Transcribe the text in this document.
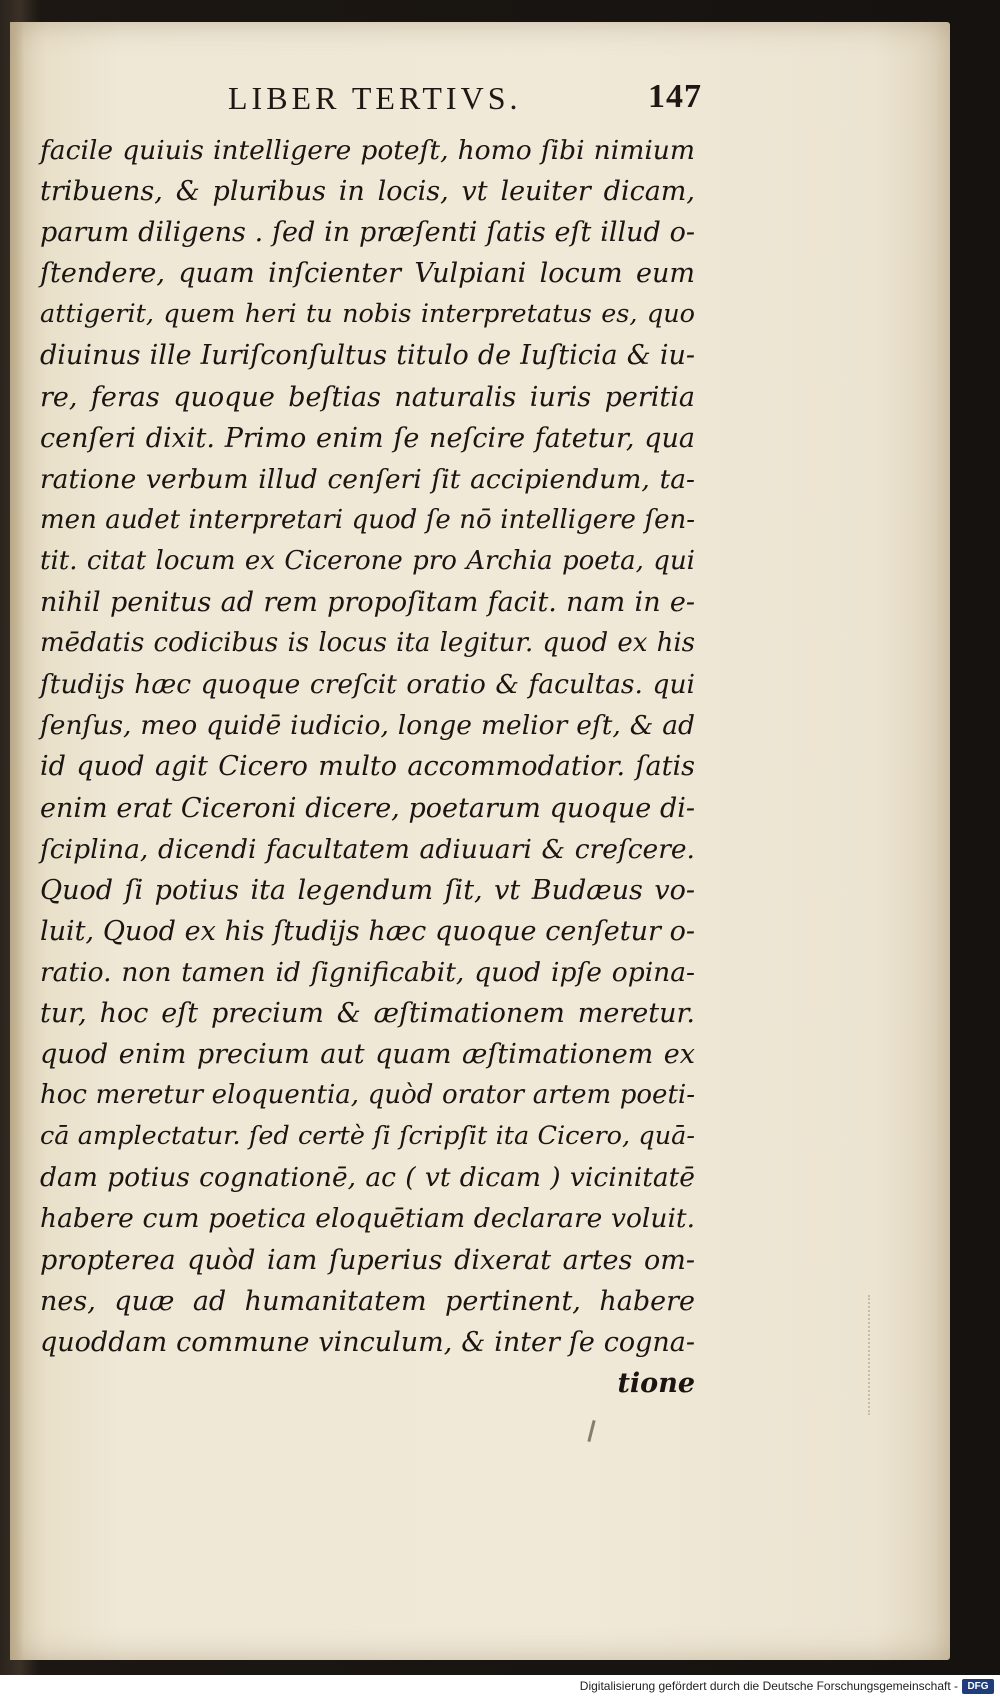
LIBER TERTIVS.	147
facile quiuis intelligere poteſt, homo ſibi nimium
tribuens, & pluribus in locis, vt leuiter dicam,
parum diligens . ſed in præſenti ſatis eſt illud o-
ſtendere, quam inſcienter Vulpiani locum eum
attigerit, quem heri tu nobis interpretatus es, quo
diuinus ille Iuriſconſultus titulo de Iuſticia & iu-
re, feras quoque beſtias naturalis iuris peritia
cenſeri dixit. Primo enim ſe neſcire fatetur, qua
ratione verbum illud cenſeri ſit accipiendum, ta-
men audet interpretari quod ſe nō intelligere ſen-
tit. citat locum ex Cicerone pro Archia poeta, qui
nihil penitus ad rem propoſitam facit. nam in e-
mēdatis codicibus is locus ita legitur. quod ex his
ſtudijs hæc quoque creſcit oratio & facultas. qui
ſenſus, meo quidē iudicio, longe melior eſt, & ad
id quod agit Cicero multo accommodatior. ſatis
enim erat Ciceroni dicere, poetarum quoque di-
ſciplina, dicendi facultatem adiuuari & creſcere.
Quod ſi potius ita legendum ſit, vt Budæus vo-
luit, Quod ex his ſtudijs hæc quoque cenſetur o-
ratio. non tamen id ſignificabit, quod ipſe opina-
tur, hoc eſt precium & æſtimationem meretur.
quod enim precium aut quam æſtimationem ex
hoc meretur eloquentia, quòd orator artem poeti-
cā amplectatur. ſed certè ſi ſcripſit ita Cicero, quā-
dam potius cognationē, ac ( vt dicam ) vicinitatē
habere cum poetica eloquētiam declarare voluit.
propterea quòd iam ſuperius dixerat artes om-
nes, quæ ad humanitatem pertinent, habere
quoddam commune vinculum, & inter ſe cogna-
tione
Digitalisierung gefördert durch die Deutsche Forschungsgemeinschaft - DFG
